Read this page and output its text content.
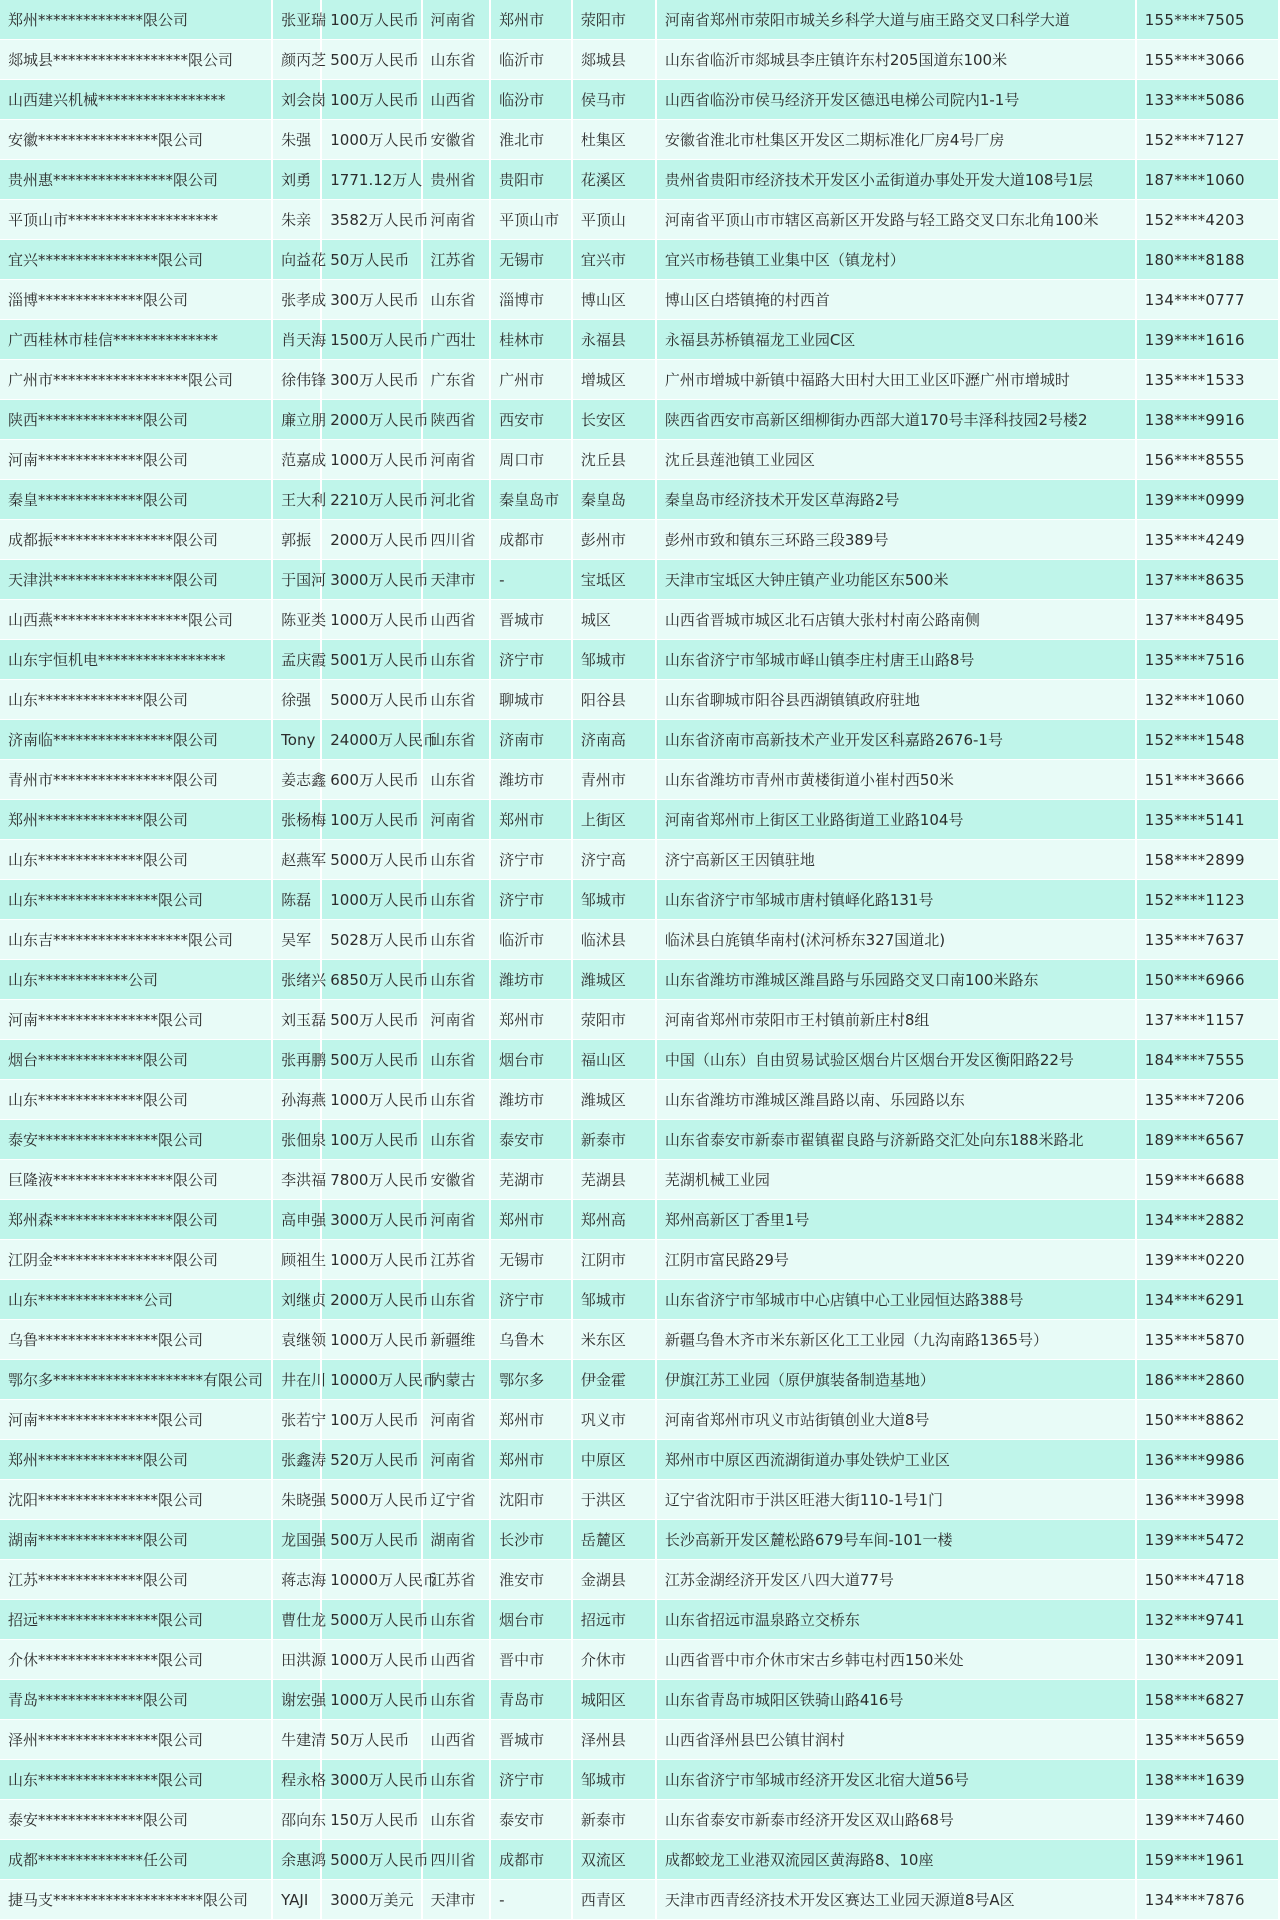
郑州**************限公司	张亚瑞	100万人民币	河南省	郑州市	荥阳市	河南省郑州市荥阳市城关乡科学大道与庙王路交叉口科学大道	155****7505
郯城县******************限公司	颜丙芝	500万人民币	山东省	临沂市	郯城县	山东省临沂市郯城县李庄镇许东村205国道东100米	155****3066
山西建兴机械*****************	刘会岗	100万人民币	山西省	临汾市	侯马市	山西省临汾市侯马经济开发区德迅电梯公司院内1-1号	133****5086
安徽****************限公司	朱强	1000万人民币	安徽省	淮北市	杜集区	安徽省淮北市杜集区开发区二期标准化厂房4号厂房	152****7127
贵州惠****************限公司	刘勇	1771.12万人	贵州省	贵阳市	花溪区	贵州省贵阳市经济技术开发区小孟街道办事处开发大道108号1层	187****1060
平顶山市********************	朱亲	3582万人民币	河南省	平顶山市	平顶山	河南省平顶山市市辖区高新区开发路与轻工路交叉口东北角100米	152****4203
宜兴****************限公司	向益花	50万人民币	江苏省	无锡市	宜兴市	宜兴市杨巷镇工业集中区（镇龙村）	180****8188
淄博**************限公司	张孝成	300万人民币	山东省	淄博市	博山区	博山区白塔镇掩的村西首	134****0777
广西桂林市桂信**************	肖天海	1500万人民币	广西壮	桂林市	永福县	永福县苏桥镇福龙工业园C区	139****1616
广州市******************限公司	徐伟锋	300万人民币	广东省	广州市	增城区	广州市增城中新镇中福路大田村大田工业区吓瀝广州市增城时	135****1533
陕西**************限公司	廉立朋	2000万人民币	陕西省	西安市	长安区	陕西省西安市高新区细柳街办西部大道170号丰泽科技园2号楼2	138****9916
河南**************限公司	范嘉成	1000万人民币	河南省	周口市	沈丘县	沈丘县莲池镇工业园区	156****8555
秦皇**************限公司	王大利	2210万人民币	河北省	秦皇岛市	秦皇岛	秦皇岛市经济技术开发区草海路2号	139****0999
成都振****************限公司	郭振	2000万人民币	四川省	成都市	彭州市	彭州市致和镇东三环路三段389号	135****4249
天津洪****************限公司	于国河	3000万人民币	天津市	-	宝坻区	天津市宝坻区大钟庄镇产业功能区东500米	137****8635
山西燕******************限公司	陈亚类	1000万人民币	山西省	晋城市	城区	山西省晋城市城区北石店镇大张村村南公路南侧	137****8495
山东宇恒机电*****************	孟庆霞	5001万人民币	山东省	济宁市	邹城市	山东省济宁市邹城市峄山镇李庄村唐王山路8号	135****7516
山东**************限公司	徐强	5000万人民币	山东省	聊城市	阳谷县	山东省聊城市阳谷县西湖镇镇政府驻地	132****1060
济南临****************限公司	Tony	24000万人民币	山东省	济南市	济南高	山东省济南市高新技术产业开发区科嘉路2676-1号	152****1548
青州市****************限公司	姜志鑫	600万人民币	山东省	潍坊市	青州市	山东省潍坊市青州市黄楼街道小崔村西50米	151****3666
郑州**************限公司	张杨梅	100万人民币	河南省	郑州市	上街区	河南省郑州市上街区工业路街道工业路104号	135****5141
山东**************限公司	赵燕军	5000万人民币	山东省	济宁市	济宁高	济宁高新区王因镇驻地	158****2899
山东****************限公司	陈磊	1000万人民币	山东省	济宁市	邹城市	山东省济宁市邹城市唐村镇峄化路131号	152****1123
山东吉******************限公司	吴军	5028万人民币	山东省	临沂市	临沭县	临沭县白旄镇华南村(沭河桥东327国道北)	135****7637
山东************公司	张绪兴	6850万人民币	山东省	潍坊市	潍城区	山东省潍坊市潍城区潍昌路与乐园路交叉口南100米路东	150****6966
河南****************限公司	刘玉磊	500万人民币	河南省	郑州市	荥阳市	河南省郑州市荥阳市王村镇前新庄村8组	137****1157
烟台**************限公司	张再鹏	500万人民币	山东省	烟台市	福山区	中国（山东）自由贸易试验区烟台片区烟台开发区衡阳路22号	184****7555
山东**************限公司	孙海燕	1000万人民币	山东省	潍坊市	潍城区	山东省潍坊市潍城区潍昌路以南、乐园路以东	135****7206
泰安****************限公司	张佃泉	100万人民币	山东省	泰安市	新泰市	山东省泰安市新泰市翟镇翟良路与济新路交汇处向东188米路北	189****6567
巨隆液****************限公司	李洪福	7800万人民币	安徽省	芜湖市	芜湖县	芜湖机械工业园	159****6688
郑州森****************限公司	高申强	3000万人民币	河南省	郑州市	郑州高	郑州高新区丁香里1号	134****2882
江阴金****************限公司	顾祖生	1000万人民币	江苏省	无锡市	江阴市	江阴市富民路29号	139****0220
山东**************公司	刘继贞	2000万人民币	山东省	济宁市	邹城市	山东省济宁市邹城市中心店镇中心工业园恒达路388号	134****6291
乌鲁****************限公司	袁继领	1000万人民币	新疆维	乌鲁木	米东区	新疆乌鲁木齐市米东新区化工工业园（九沟南路1365号）	135****5870
鄂尔多********************有限公司	井在川	10000万人民币	内蒙古	鄂尔多	伊金霍	伊旗江苏工业园（原伊旗装备制造基地）	186****2860
河南****************限公司	张若宁	100万人民币	河南省	郑州市	巩义市	河南省郑州市巩义市站街镇创业大道8号	150****8862
郑州**************限公司	张鑫涛	520万人民币	河南省	郑州市	中原区	郑州市中原区西流湖街道办事处铁炉工业区	136****9986
沈阳****************限公司	朱晓强	5000万人民币	辽宁省	沈阳市	于洪区	辽宁省沈阳市于洪区旺港大街110-1号1门	136****3998
湖南**************限公司	龙国强	500万人民币	湖南省	长沙市	岳麓区	长沙高新开发区麓松路679号车间-101一楼	139****5472
江苏**************限公司	蒋志海	10000万人民币	江苏省	淮安市	金湖县	江苏金湖经济开发区八四大道77号	150****4718
招远****************限公司	曹仕龙	5000万人民币	山东省	烟台市	招远市	山东省招远市温泉路立交桥东	132****9741
介休****************限公司	田洪源	1000万人民币	山西省	晋中市	介休市	山西省晋中市介休市宋古乡韩屯村西150米处	130****2091
青岛**************限公司	谢宏强	1000万人民币	山东省	青岛市	城阳区	山东省青岛市城阳区铁骑山路416号	158****6827
泽州****************限公司	牛建清	50万人民币	山西省	晋城市	泽州县	山西省泽州县巴公镇甘润村	135****5659
山东****************限公司	程永格	3000万人民币	山东省	济宁市	邹城市	山东省济宁市邹城市经济开发区北宿大道56号	138****1639
泰安**************限公司	邵向东	150万人民币	山东省	泰安市	新泰市	山东省泰安市新泰市经济开发区双山路68号	139****7460
成都**************任公司	余惠鸿	5000万人民币	四川省	成都市	双流区	成都蛟龙工业港双流园区黄海路8、10座	159****1961
捷马支********************限公司	YAJI	3000万美元	天津市	-	西青区	天津市西青经济技术开发区赛达工业园天源道8号A区	134****7876
